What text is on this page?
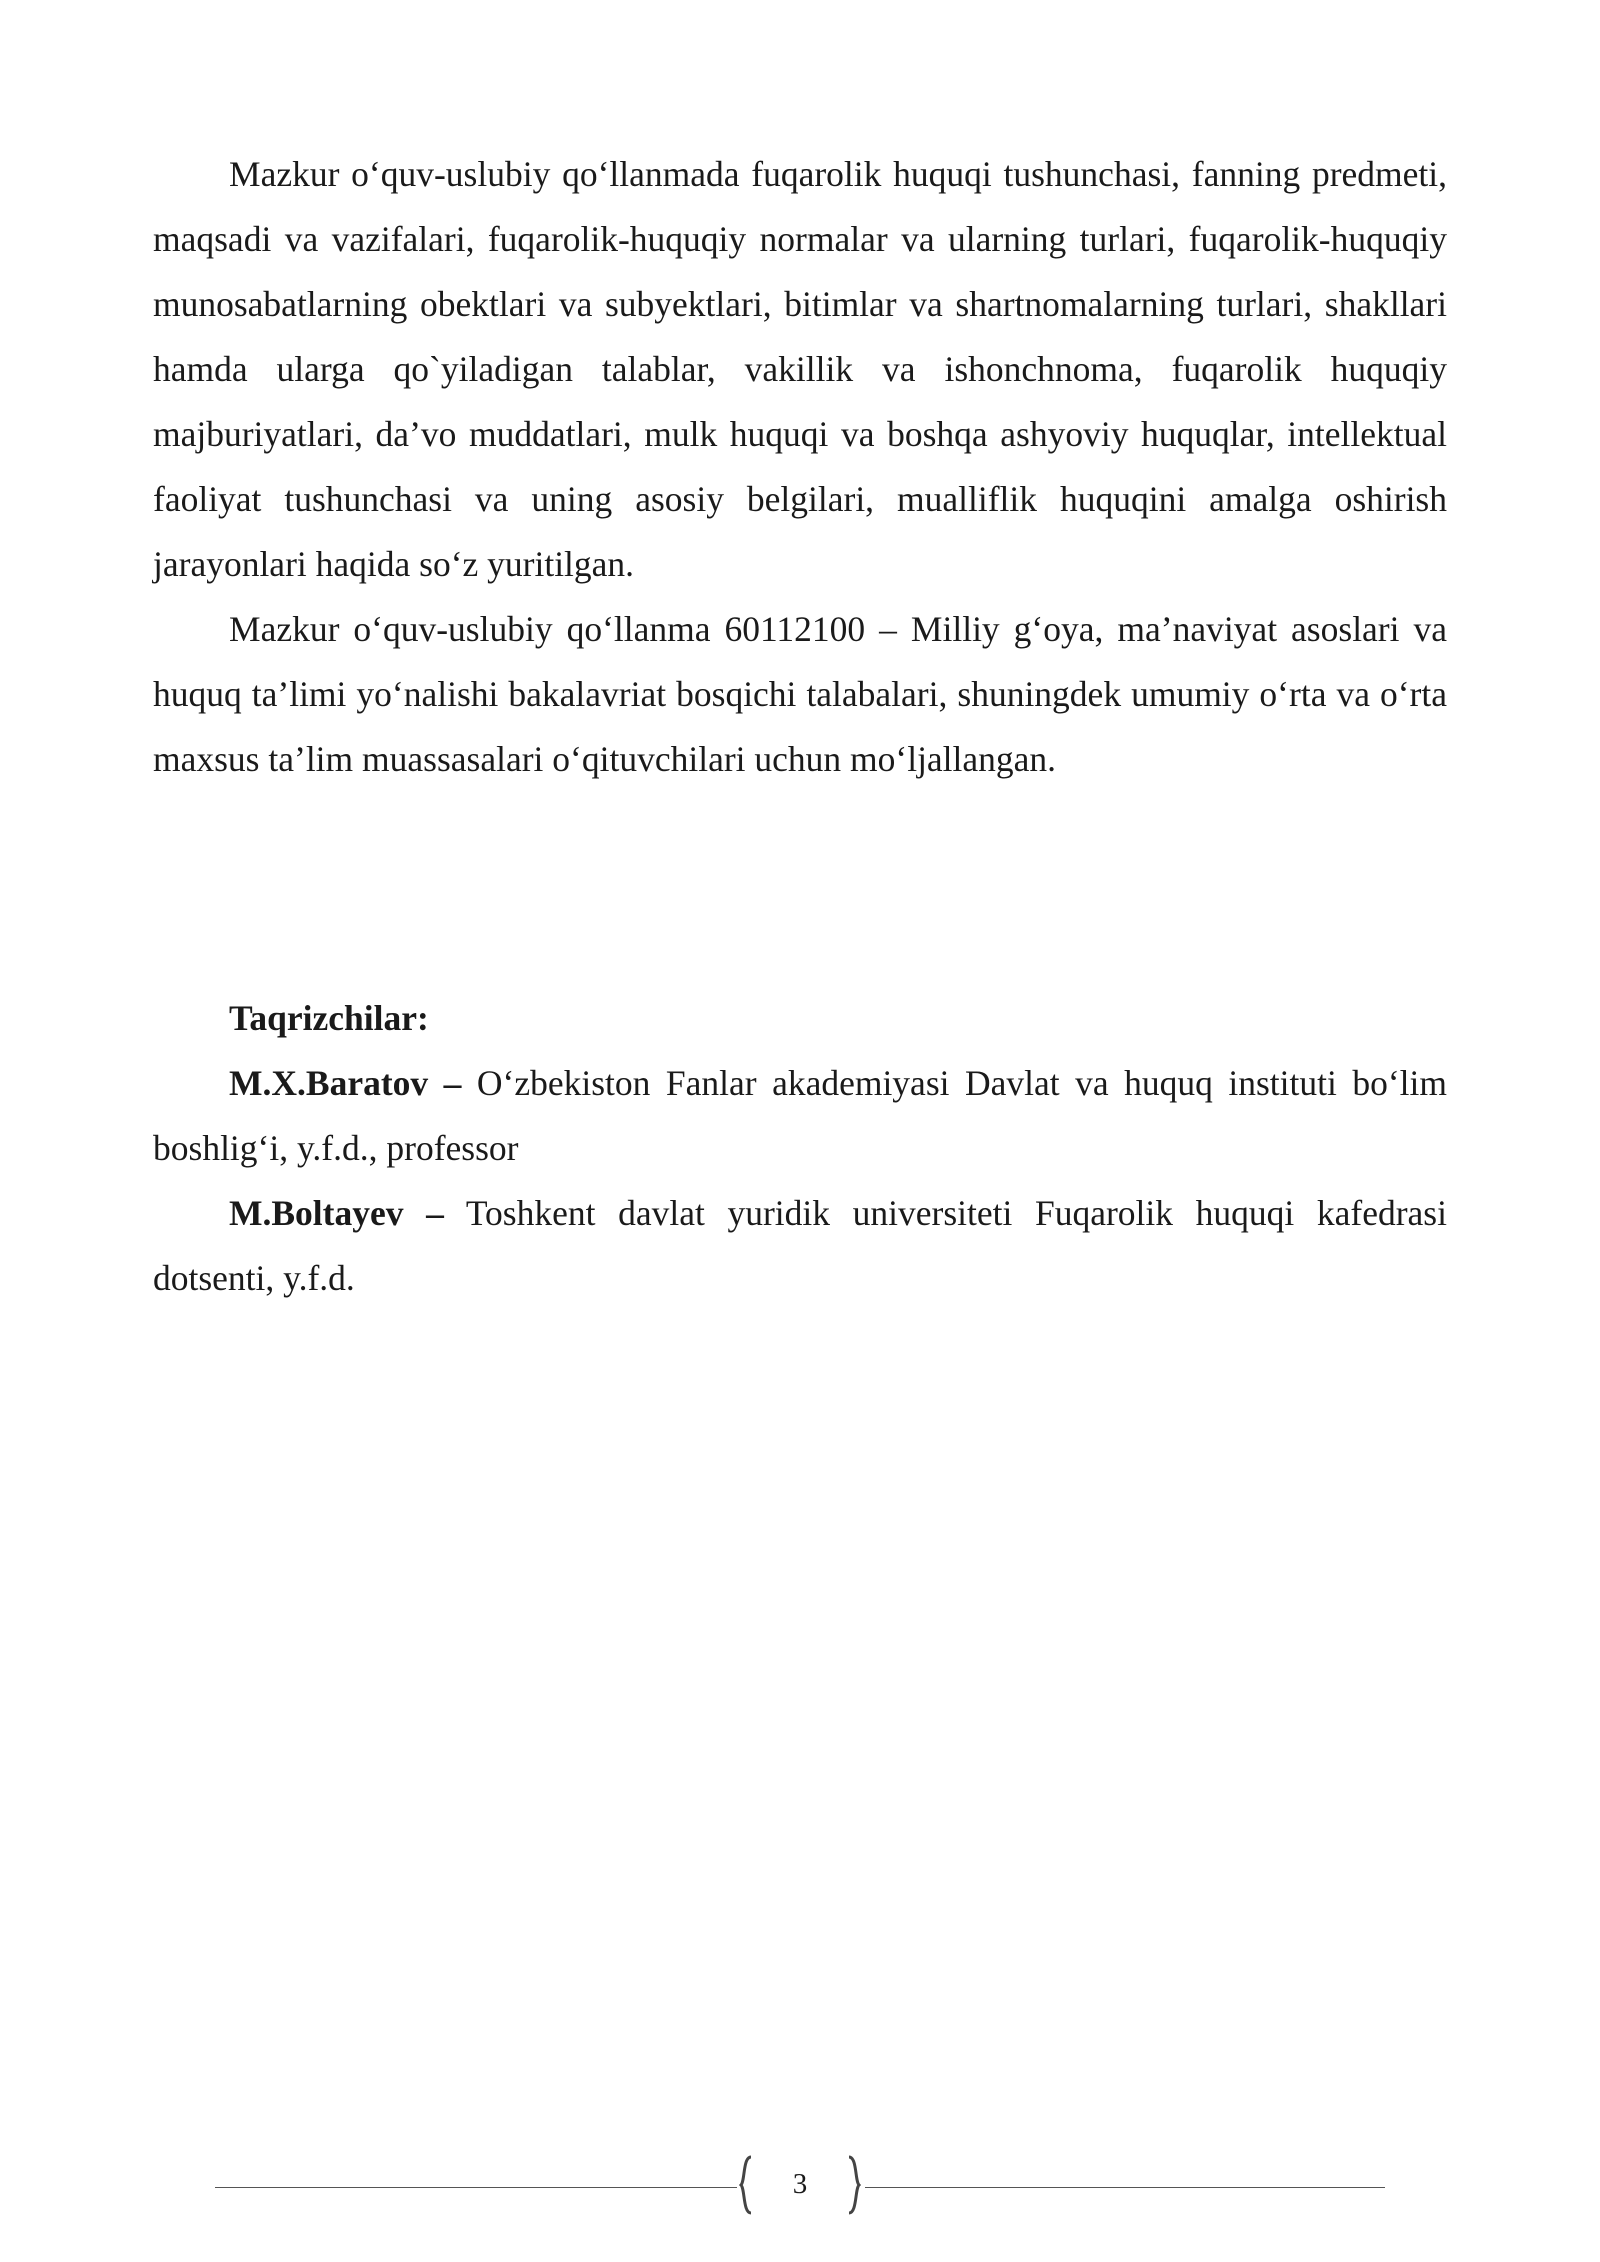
Mazkur o‘quv-uslubiy qo‘llanmada fuqarolik huquqi tushunchasi, fanning predmeti, maqsadi va vazifalari, fuqarolik-huquqiy normalar va ularning turlari, fuqarolik-huquqiy munosabatlarning obektlari va subyektlari, bitimlar va shartnomalarning turlari, shakllari hamda ularga qo`yiladigan talablar, vakillik va ishonchnoma, fuqarolik huquqiy majburiyatlari, da’vo muddatlari, mulk huquqi va boshqa ashyoviy huquqlar, intellektual faoliyat tushunchasi va uning asosiy belgilari, mualliflik huquqini amalga oshirish jarayonlari haqida so‘z yuritilgan.

Mazkur o‘quv-uslubiy qo‘llanma 60112100 – Milliy g‘oya, ma’naviyat asoslari va huquq ta’limi yo‘nalishi bakalavriat bosqichi talabalari, shuningdek umumiy o‘rta va o‘rta maxsus ta’lim muassasalari o‘qituvchilari uchun mo‘ljallangan.

Taqrizchilar:

M.X.Baratov – O‘zbekiston Fanlar akademiyasi Davlat va huquq instituti bo‘lim boshlig‘i, y.f.d., professor

M.Boltayev – Toshkent davlat yuridik universiteti Fuqarolik huquqi kafedrasi dotsenti, y.f.d.

3
